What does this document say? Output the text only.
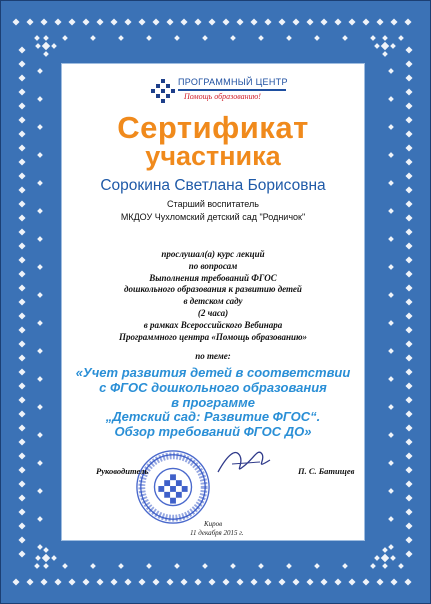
ПРОГРАММНЫЙ ЦЕНТР
Помощь образованию!
Сертификат
участника
Сорокина Светлана Борисовна
Старший воспитатель
МКДОУ Чухломский детский сад "Родничок"
прослушал(а) курс лекций
по вопросам
Выполнения требований ФГОС
дошкольного образования к развитию детей
в детском саду
(2 часа)
в рамках Всероссийского Вебинара
Программного центра «Помощь образованию»
по теме:
«Учет развития детей в соответствии
с ФГОС дошкольного образования
в программе
„Детский сад: Развитие ФГОС“.
Обзор требований ФГОС ДО»
Руководитель	П. С. Батищев
Киров
11 декабря 2015 г.
